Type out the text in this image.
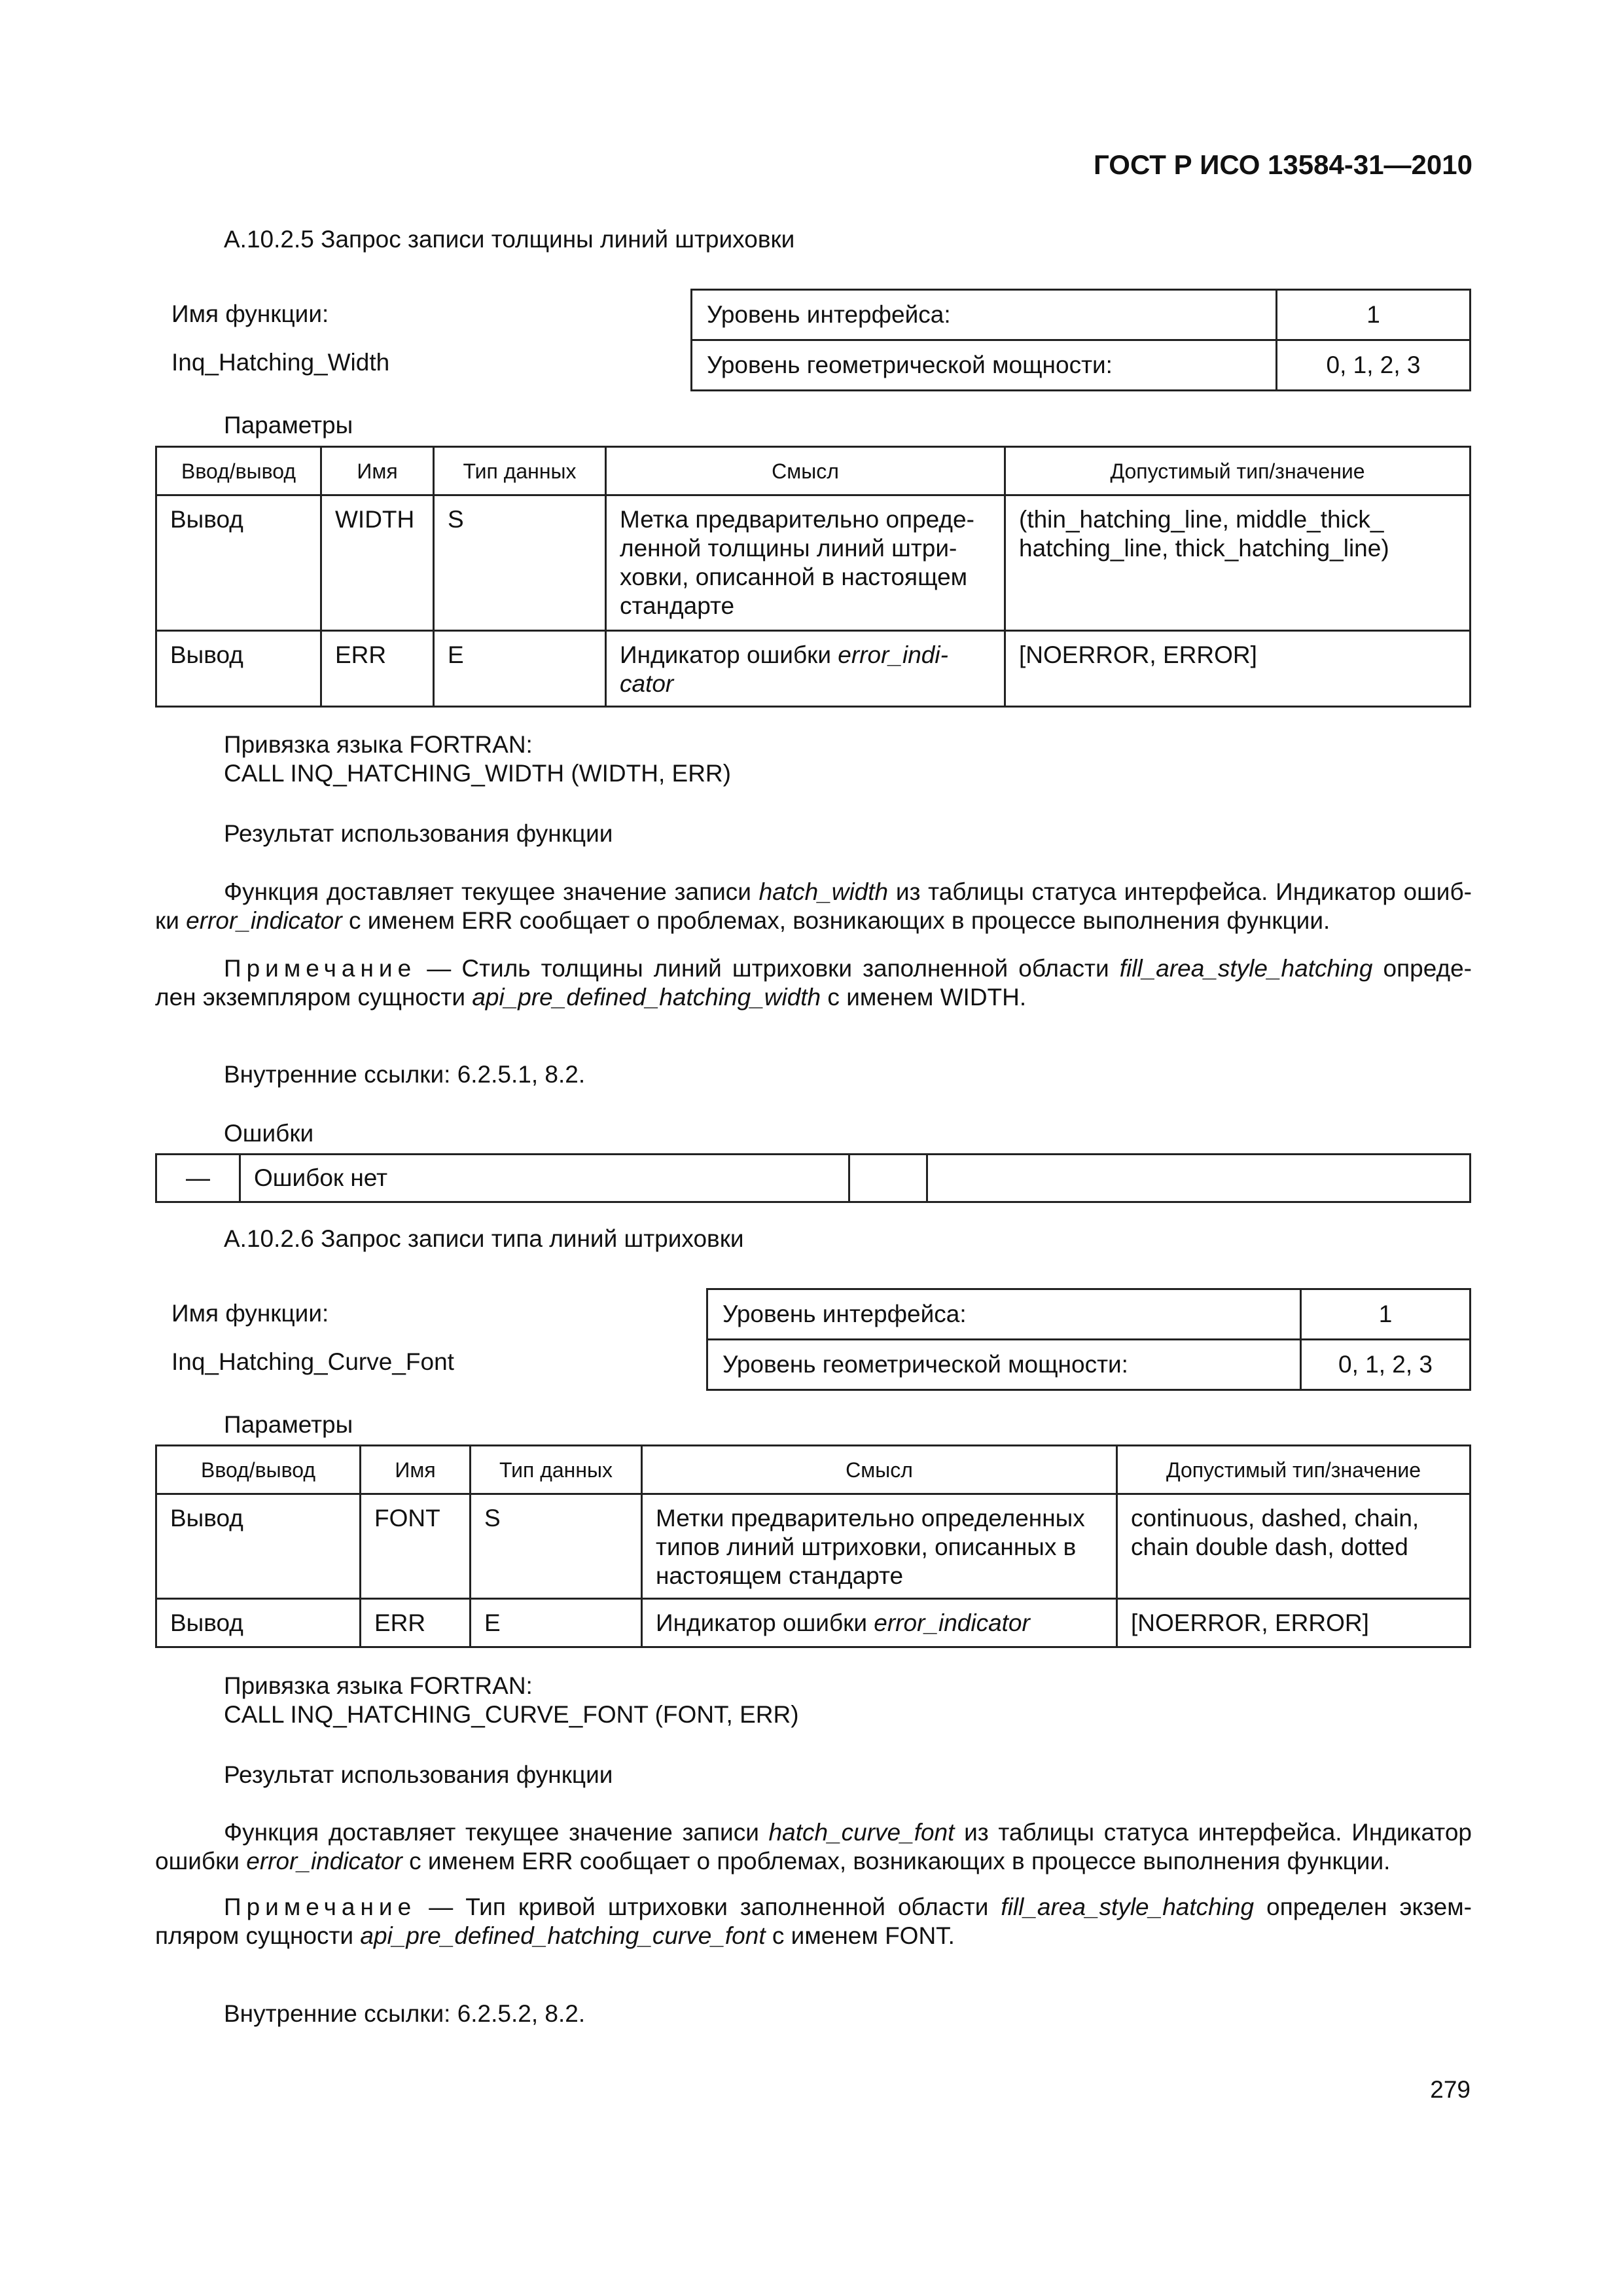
ГОСТ Р ИСО 13584-31—2010
А.10.2.5 Запрос записи толщины линий штриховки
Имя функции:
Inq_Hatching_Width
Уровень интерфейса:	1
Уровень геометрической мощности:	0, 1, 2, 3
Параметры
Ввод/вывод	Имя	Тип данных	Смысл	Допустимый тип/значение
Вывод	WIDTH	S	Метка предварительно опреде-ленной толщины линий штри-ховки, описанной в настоящем стандарте	(thin_hatching_line, middle_thick_ hatching_line, thick_hatching_line)
Вывод	ERR	E	Индикатор ошибки error_indi-cator	[NOERROR, ERROR]
Привязка языка FORTRAN:
CALL INQ_HATCHING_WIDTH (WIDTH, ERR)
Результат использования функции
Функция доставляет текущее значение записи hatch_width из таблицы статуса интерфейса. Индикатор ошиб-ки error_indicator с именем ERR сообщает о проблемах, возникающих в процессе выполнения функции.
Примечание — Стиль толщины линий штриховки заполненной области fill_area_style_hatching опреде-лен экземпляром сущности api_pre_defined_hatching_width с именем WIDTH.
Внутренние ссылки: 6.2.5.1, 8.2.
Ошибки
—	Ошибок нет		
А.10.2.6 Запрос записи типа линий штриховки
Имя функции:
Inq_Hatching_Curve_Font
Уровень интерфейса:	1
Уровень геометрической мощности:	0, 1, 2, 3
Параметры
Ввод/вывод	Имя	Тип данных	Смысл	Допустимый тип/значение
Вывод	FONT	S	Метки предварительно определенных типов линий штриховки, описанных в настоящем стандарте	continuous, dashed, chain, chain double dash, dotted
Вывод	ERR	E	Индикатор ошибки error_indicator	[NOERROR, ERROR]
Привязка языка FORTRAN:
CALL INQ_HATCHING_CURVE_FONT (FONT, ERR)
Результат использования функции
Функция доставляет текущее значение записи hatch_curve_font из таблицы статуса интерфейса. Индикатор ошибки error_indicator с именем ERR сообщает о проблемах, возникающих в процессе выполнения функции.
Примечание — Тип кривой штриховки заполненной области fill_area_style_hatching определен экзем-пляром сущности api_pre_defined_hatching_curve_font с именем FONT.
Внутренние ссылки: 6.2.5.2, 8.2.
279
